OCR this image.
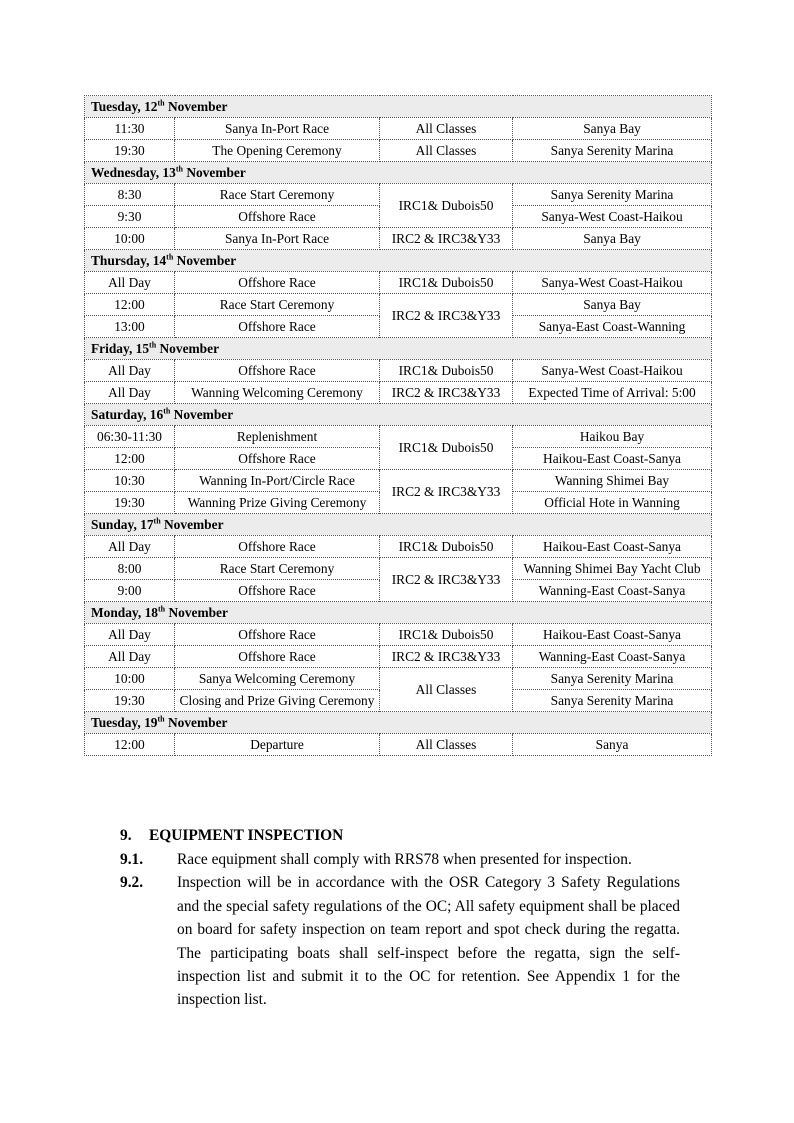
Tuesday, 12th November			
11:30	Sanya In-Port Race	All Classes	Sanya Bay
19:30	The Opening Ceremony	All Classes	Sanya Serenity Marina
Wednesday, 13th November			
8:30	Race Start Ceremony	IRC1& Dubois50	Sanya Serenity Marina
9:30	Offshore Race		Sanya-West Coast-Haikou
10:00	Sanya In-Port Race	IRC2 & IRC3&Y33	Sanya Bay
Thursday, 14th November			
All Day	Offshore Race	IRC1& Dubois50	Sanya-West Coast-Haikou
12:00	Race Start Ceremony	IRC2 & IRC3&Y33	Sanya Bay
13:00	Offshore Race		Sanya-East Coast-Wanning
Friday, 15th November			
All Day	Offshore Race	IRC1& Dubois50	Sanya-West Coast-Haikou
All Day	Wanning Welcoming Ceremony	IRC2 & IRC3&Y33	Expected Time of Arrival: 5:00
Saturday, 16th November			
06:30-11:30	Replenishment	IRC1& Dubois50	Haikou Bay
12:00	Offshore Race		Haikou-East Coast-Sanya
10:30	Wanning In-Port/Circle Race	IRC2 & IRC3&Y33	Wanning Shimei Bay
19:30	Wanning Prize Giving Ceremony		Official Hote in Wanning
Sunday, 17th November			
All Day	Offshore Race	IRC1& Dubois50	Haikou-East Coast-Sanya
8:00	Race Start Ceremony	IRC2 & IRC3&Y33	Wanning Shimei Bay Yacht Club
9:00	Offshore Race		Wanning-East Coast-Sanya
Monday, 18th November			
All Day	Offshore Race	IRC1& Dubois50	Haikou-East Coast-Sanya
All Day	Offshore Race	IRC2 & IRC3&Y33	Wanning-East Coast-Sanya
10:00	Sanya Welcoming Ceremony	All Classes	Sanya Serenity Marina
19:30	Closing and Prize Giving Ceremony		Sanya Serenity Marina
Tuesday, 19th November			
12:00	Departure	All Classes	Sanya
9. EQUIPMENT INSPECTION
9.1. Race equipment shall comply with RRS78 when presented for inspection.
9.2. Inspection will be in accordance with the OSR Category 3 Safety Regulations and the special safety regulations of the OC; All safety equipment shall be placed on board for safety inspection on team report and spot check during the regatta. The participating boats shall self-inspect before the regatta, sign the self-inspection list and submit it to the OC for retention. See Appendix 1 for the inspection list.
